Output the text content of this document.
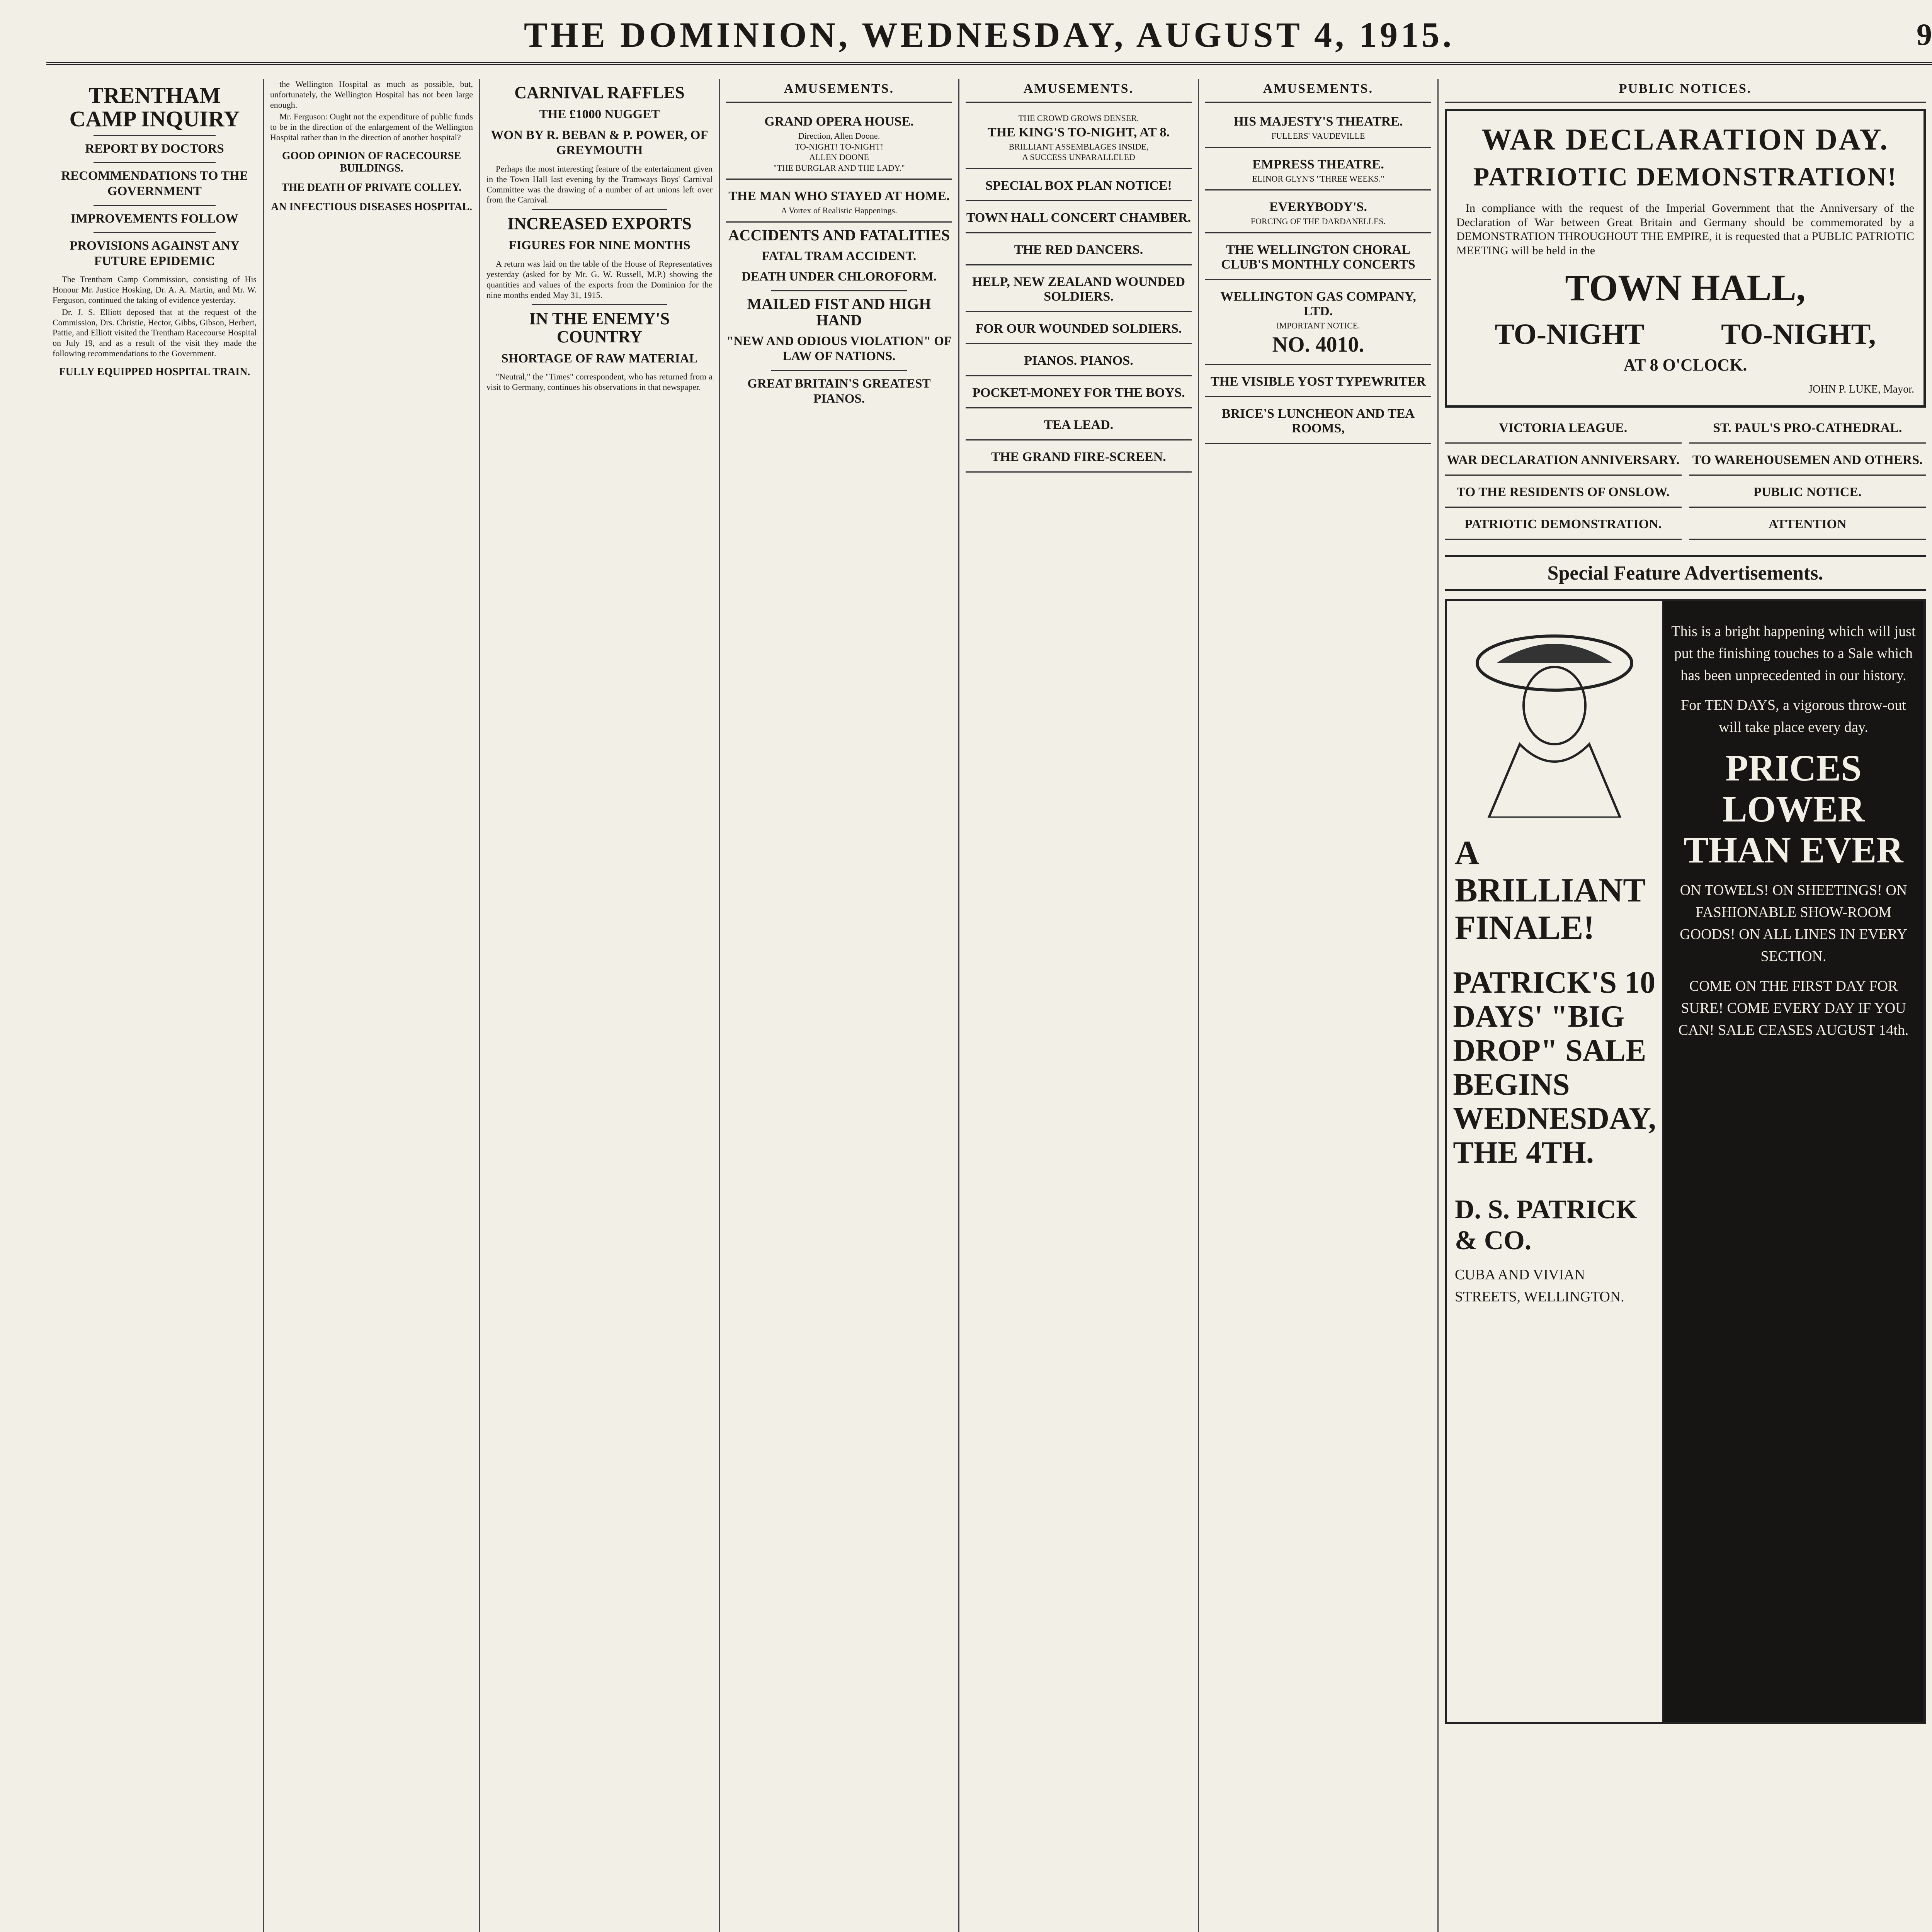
THE DOMINION, WEDNESDAY, AUGUST 4, 1915.	9
TRENTHAM CAMP INQUIRY
REPORT BY DOCTORS
RECOMMENDATIONS TO THE GOVERNMENT
IMPROVEMENTS FOLLOW
PROVISIONS AGAINST ANY FUTURE EPIDEMIC

The Trentham Camp Commission, consisting of His Honour Mr. Justice Hosking, Dr. A. A. Martin, and Mr. W. Ferguson, continued the taking of evidence yesterday.

Dr. J. S. Elliott deposed that at the request of the Commission, Drs. Christie, Hector, Gibbs, Gibson, Herbert, Pattie, and Elliott visited the Trentham Racecourse Hospital on July 19, and as a result of the visit they made the following recommendations to the Government.

FULLY EQUIPPED HOSPITAL TRAIN.

the Wellington Hospital as much as possible, but, unfortunately, the Wellington Hospital has not been large enough.

Mr. Ferguson: Ought not the expenditure of public funds to be in the direction of the enlargement of the Wellington Hospital rather than in the direction of another hospital?

GOOD OPINION OF RACECOURSE BUILDINGS.
THE DEATH OF PRIVATE COLLEY.
AN INFECTIOUS DISEASES HOSPITAL.
CARNIVAL RAFFLES
THE £1000 NUGGET
WON BY R. BEBAN & P. POWER, OF GREYMOUTH

Perhaps the most interesting feature of the entertainment given in the Town Hall last evening by the Tramways Boys' Carnival Committee was the drawing of a number of art unions left over from the Carnival.

INCREASED EXPORTS
FIGURES FOR NINE MONTHS

A return was laid on the table of the House of Representatives yesterday (asked for by Mr. G. W. Russell, M.P.) showing the quantities and values of the exports from the Dominion for the nine months ended May 31, 1915.

IN THE ENEMY'S COUNTRY
SHORTAGE OF RAW MATERIAL

"Neutral," the "Times" correspondent, who has returned from a visit to Germany, continues his observations in that newspaper.

AMUSEMENTS.
GRAND OPERA HOUSE.
Direction, Allen Doone.
TO-NIGHT! TO-NIGHT!
ALLEN DOONE
"THE BURGLAR AND THE LADY."
THE MAN WHO STAYED AT HOME.
A Vortex of Realistic Happenings.
ACCIDENTS AND FATALITIES
FATAL TRAM ACCIDENT.
DEATH UNDER CHLOROFORM.
MAILED FIST AND HIGH HAND
"NEW AND ODIOUS VIOLATION" OF LAW OF NATIONS.
GREAT BRITAIN'S GREATEST PIANOS.
AMUSEMENTS.
THE CROWD GROWS DENSER.
THE KING'S TO-NIGHT, AT 8.
BRILLIANT ASSEMBLAGES INSIDE,
A SUCCESS UNPARALLELED
SPECIAL BOX PLAN NOTICE!
TOWN HALL CONCERT CHAMBER.
THE RED DANCERS.
HELP, NEW ZEALAND WOUNDED SOLDIERS.
FOR OUR WOUNDED SOLDIERS.
PIANOS. PIANOS.
POCKET-MONEY FOR THE BOYS.
TEA LEAD.
THE GRAND FIRE-SCREEN.
AMUSEMENTS.
HIS MAJESTY'S THEATRE.
FULLERS' VAUDEVILLE
EMPRESS THEATRE.
ELINOR GLYN'S "THREE WEEKS."
EVERYBODY'S.
FORCING OF THE DARDANELLES.
THE WELLINGTON CHORAL CLUB'S MONTHLY CONCERTS
WELLINGTON GAS COMPANY, LTD.
IMPORTANT NOTICE.
NO. 4010.
THE VISIBLE YOST TYPEWRITER
BRICE'S LUNCHEON AND TEA ROOMS,
PUBLIC NOTICES.
WAR DECLARATION DAY.
PATRIOTIC DEMONSTRATION!

In compliance with the request of the Imperial Government that the Anniversary of the Declaration of War between Great Britain and Germany should be commemorated by a DEMONSTRATION THROUGHOUT THE EMPIRE, it is requested that a PUBLIC PATRIOTIC MEETING will be held in the

TOWN HALL,
TO-NIGHT	TO-NIGHT,
AT 8 O'CLOCK.
JOHN P. LUKE, Mayor.
VICTORIA LEAGUE.
WAR DECLARATION ANNIVERSARY.
TO THE RESIDENTS OF ONSLOW.
PATRIOTIC DEMONSTRATION.
ST. PAUL'S PRO-CATHEDRAL.
TO WAREHOUSEMEN AND OTHERS.
PUBLIC NOTICE.
ATTENTION
Special Feature Advertisements.
A BRILLIANT FINALE!
PATRICK'S 10 DAYS' "BIG DROP" SALE BEGINS WEDNESDAY, THE 4TH.
D. S. PATRICK & CO.
CUBA AND VIVIAN STREETS, WELLINGTON.
This is a bright happening which will just put the finishing touches to a Sale which has been unprecedented in our history.
For TEN DAYS, a vigorous throw-out will take place every day.
PRICES LOWER THAN EVER
ON TOWELS! ON SHEETINGS! ON FASHIONABLE SHOW-ROOM GOODS! ON ALL LINES IN EVERY SECTION.
COME ON THE FIRST DAY FOR SURE! COME EVERY DAY IF YOU CAN! SALE CEASES AUGUST 14th.
